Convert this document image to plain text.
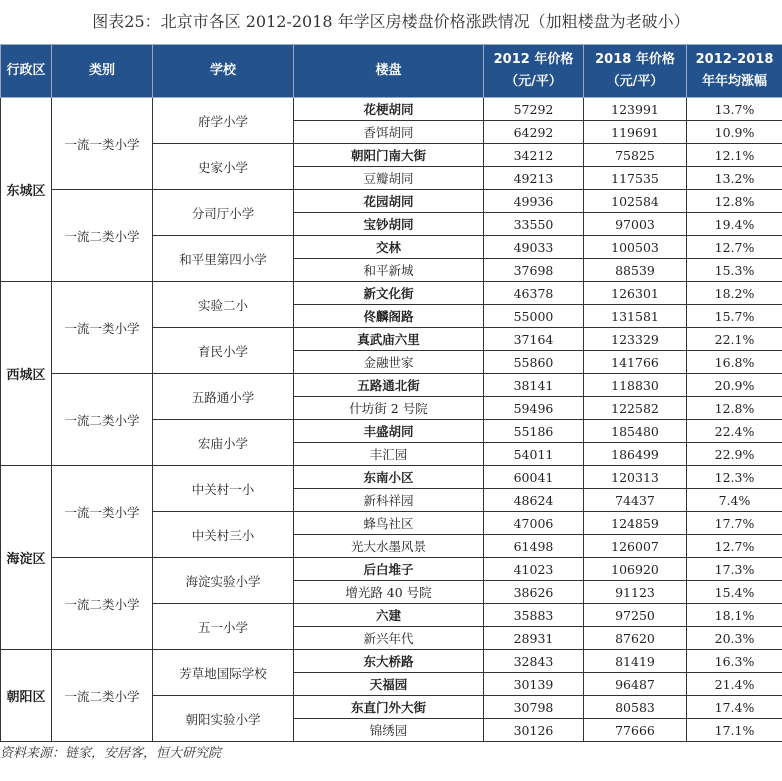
图表25：北京市各区 2012-2018 年学区房楼盘价格涨跌情况（加粗楼盘为老破小）
行政区	类别	学校	楼盘	2012 年价格（元/平）	2018 年价格（元/平）	2012-2018 年年均涨幅
东城区	一流一类小学	府学小学	花梗胡同	57292	123991	13.7%
			香饵胡同	64292	119691	10.9%
		史家小学	朝阳门南大街	34212	75825	12.1%
			豆瓣胡同	49213	117535	13.2%
	一流二类小学	分司厅小学	花园胡同	49936	102584	12.8%
			宝钞胡同	33550	97003	19.4%
		和平里第四小学	交林	49033	100503	12.7%
			和平新城	37698	88539	15.3%
西城区	一流一类小学	实验二小	新文化街	46378	126301	18.2%
			佟麟阁路	55000	131581	15.7%
		育民小学	真武庙六里	37164	123329	22.1%
			金融世家	55860	141766	16.8%
	一流二类小学	五路通小学	五路通北街	38141	118830	20.9%
			什坊街 2 号院	59496	122582	12.8%
		宏庙小学	丰盛胡同	55186	185480	22.4%
			丰汇园	54011	186499	22.9%
海淀区	一流一类小学	中关村一小	东南小区	60041	120313	12.3%
			新科祥园	48624	74437	7.4%
		中关村三小	蜂鸟社区	47006	124859	17.7%
			光大水墨风景	61498	126007	12.7%
	一流二类小学	海淀实验小学	后白堆子	41023	106920	17.3%
			增光路 40 号院	38626	91123	15.4%
		五一小学	六建	35883	97250	18.1%
			新兴年代	28931	87620	20.3%
朝阳区	一流二类小学	芳草地国际学校	东大桥路	32843	81419	16.3%
			天福园	30139	96487	21.4%
		朝阳实验小学	东直门外大街	30798	80583	17.4%
			锦绣园	30126	77666	17.1%
资料来源：链家，安居客，恒大研究院
